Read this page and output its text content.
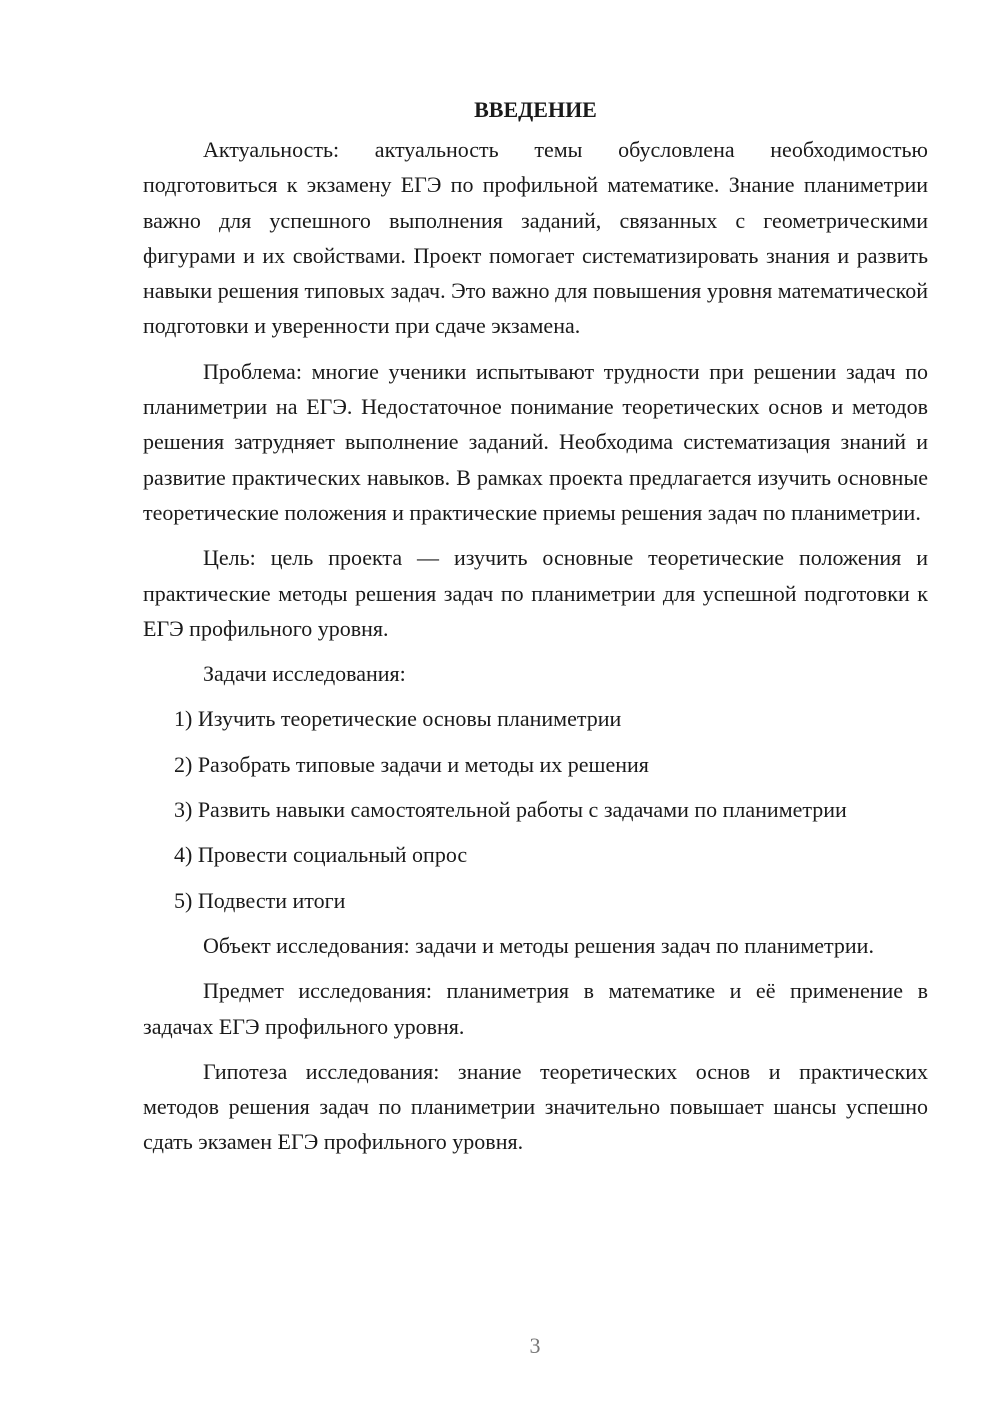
ВВЕДЕНИЕ

Актуальность: актуальность темы обусловлена необходимостью подготовиться к экзамену ЕГЭ по профильной математике. Знание планиметрии важно для успешного выполнения заданий, связанных с геометрическими фигурами и их свойствами. Проект помогает систематизировать знания и развить навыки решения типовых задач. Это важно для повышения уровня математической подготовки и уверенности при сдаче экзамена.

Проблема: многие ученики испытывают трудности при решении задач по планиметрии на ЕГЭ. Недостаточное понимание теоретических основ и методов решения затрудняет выполнение заданий. Необходима систематизация знаний и развитие практических навыков. В рамках проекта предлагается изучить основные теоретические положения и практические приемы решения задач по планиметрии.

Цель: цель проекта — изучить основные теоретические положения и практические методы решения задач по планиметрии для успешной подготовки к ЕГЭ профильного уровня.

Задачи исследования:

1) Изучить теоретические основы планиметрии

2) Разобрать типовые задачи и методы их решения

3) Развить навыки самостоятельной работы с задачами по планиметрии

4) Провести социальный опрос

5) Подвести итоги

Объект исследования: задачи и методы решения задач по планиметрии.

Предмет исследования: планиметрия в математике и её применение в задачах ЕГЭ профильного уровня.

Гипотеза исследования: знание теоретических основ и практических методов решения задач по планиметрии значительно повышает шансы успешно сдать экзамен ЕГЭ профильного уровня.

3
